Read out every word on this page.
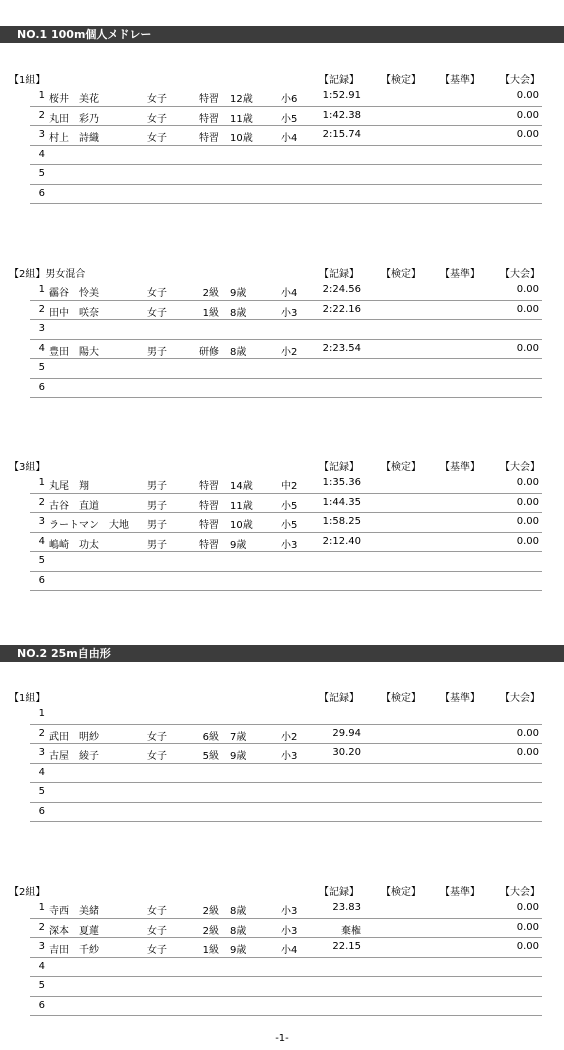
NO.1 100m個人メドレー
【1組】	【記録】 【検定】 【基準】 【大会】
1 桜井　美花	女子	特習 12歳	小6	1:52.91	0.00
2 丸田　彩乃	女子	特習 11歳	小5	1:42.38	0.00
3 村上　詩織	女子	特習 10歳	小4	2:15.74	0.00
4
5
6
【2組】男女混合	【記録】 【検定】 【基準】 【大会】
1 靏谷　怜美	女子	2級 9歳	小4	2:24.56	0.00
2 田中　咲奈	女子	1級 8歳	小3	2:22.16	0.00
3
4 豊田　陽大	男子	研修 8歳	小2	2:23.54	0.00
5
6
【3組】	【記録】 【検定】 【基準】 【大会】
1 丸尾　翔	男子	特習 14歳	中2	1:35.36	0.00
2 古谷　直道	男子	特習 11歳	小5	1:44.35	0.00
3 ラートマン　大地 男子	特習 10歳	小5	1:58.25	0.00
4 嶋崎　功太	男子	特習 9歳	小3	2:12.40	0.00
5
6
NO.2 25m自由形
【1組】	【記録】 【検定】 【基準】 【大会】
1
2 武田　明紗	女子	6級 7歳	小2	29.94	0.00
3 古屋　綾子	女子	5級 9歳	小3	30.20	0.00
4
5
6
【2組】	【記録】 【検定】 【基準】 【大会】
1 寺西　美緒	女子	2級 8歳	小3	23.83	0.00
2 深本　夏蓮	女子	2級 8歳	小3	棄権	0.00
3 吉田　千紗	女子	1級 9歳	小4	22.15	0.00
4
5
6
-1-
